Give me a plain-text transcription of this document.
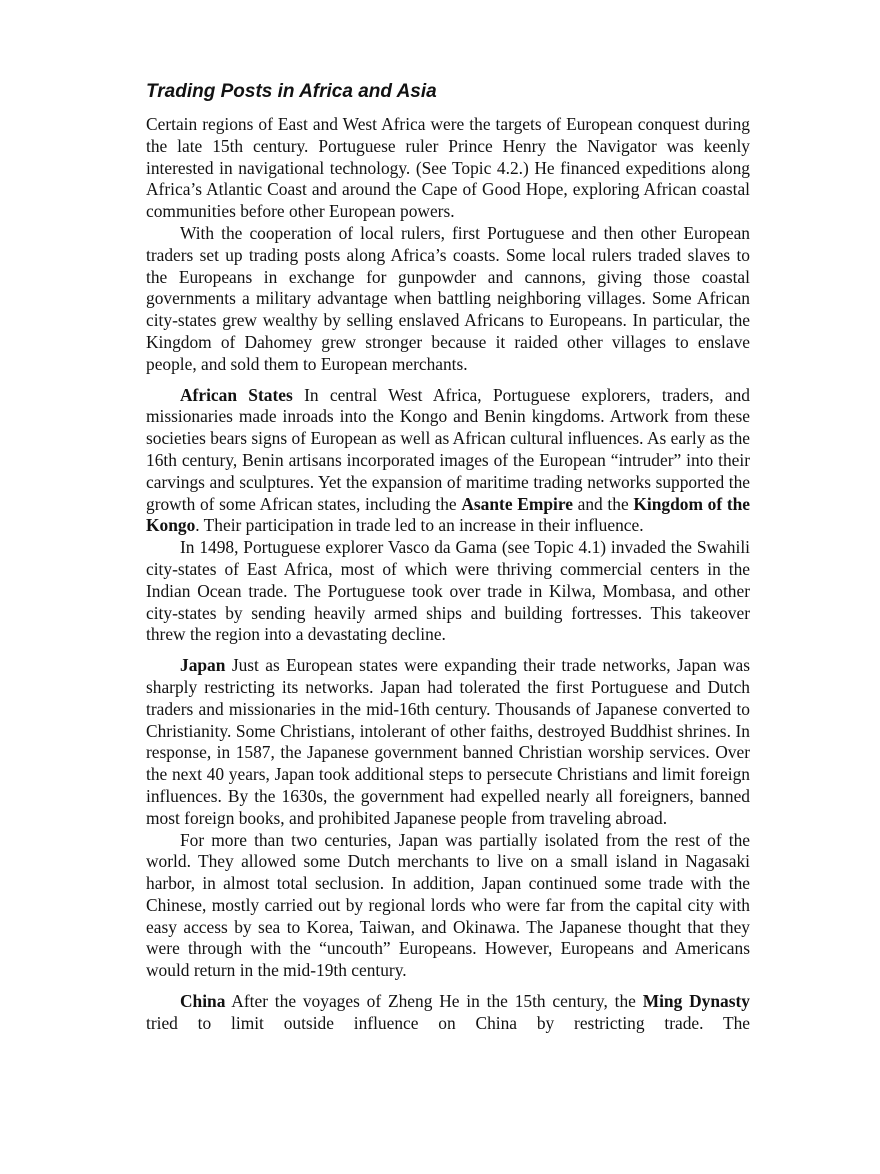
Trading Posts in Africa and Asia

Certain regions of East and West Africa were the targets of European conquest during the late 15th century. Portuguese ruler Prince Henry the Navigator was keenly interested in navigational technology. (See Topic 4.2.) He financed expeditions along Africa’s Atlantic Coast and around the Cape of Good Hope, exploring African coastal communities before other European powers.

With the cooperation of local rulers, first Portuguese and then other European traders set up trading posts along Africa’s coasts. Some local rulers traded slaves to the Europeans in exchange for gunpowder and cannons, giving those coastal governments a military advantage when battling neighboring villages. Some African city-states grew wealthy by selling enslaved Africans to Europeans. In particular, the Kingdom of Dahomey grew stronger because it raided other villages to enslave people, and sold them to European merchants.

African States In central West Africa, Portuguese explorers, traders, and missionaries made inroads into the Kongo and Benin kingdoms. Artwork from these societies bears signs of European as well as African cultural influences. As early as the 16th century, Benin artisans incorporated images of the European “intruder” into their carvings and sculptures. Yet the expansion of maritime trading networks supported the growth of some African states, including the Asante Empire and the Kingdom of the Kongo. Their participation in trade led to an increase in their influence.

In 1498, Portuguese explorer Vasco da Gama (see Topic 4.1) invaded the Swahili city-states of East Africa, most of which were thriving commercial centers in the Indian Ocean trade. The Portuguese took over trade in Kilwa, Mombasa, and other city-states by sending heavily armed ships and building fortresses. This takeover threw the region into a devastating decline.

Japan Just as European states were expanding their trade networks, Japan was sharply restricting its networks. Japan had tolerated the first Portuguese and Dutch traders and missionaries in the mid-16th century. Thousands of Japanese converted to Christianity. Some Christians, intolerant of other faiths, destroyed Buddhist shrines. In response, in 1587, the Japanese government banned Christian worship services. Over the next 40 years, Japan took additional steps to persecute Christians and limit foreign influences. By the 1630s, the government had expelled nearly all foreigners, banned most foreign books, and prohibited Japanese people from traveling abroad.

For more than two centuries, Japan was partially isolated from the rest of the world. They allowed some Dutch merchants to live on a small island in Nagasaki harbor, in almost total seclusion. In addition, Japan continued some trade with the Chinese, mostly carried out by regional lords who were far from the capital city with easy access by sea to Korea, Taiwan, and Okinawa. The Japanese thought that they were through with the “uncouth” Europeans. However, Europeans and Americans would return in the mid-19th century.

China After the voyages of Zheng He in the 15th century, the Ming Dynasty tried to limit outside influence on China by restricting trade. The
